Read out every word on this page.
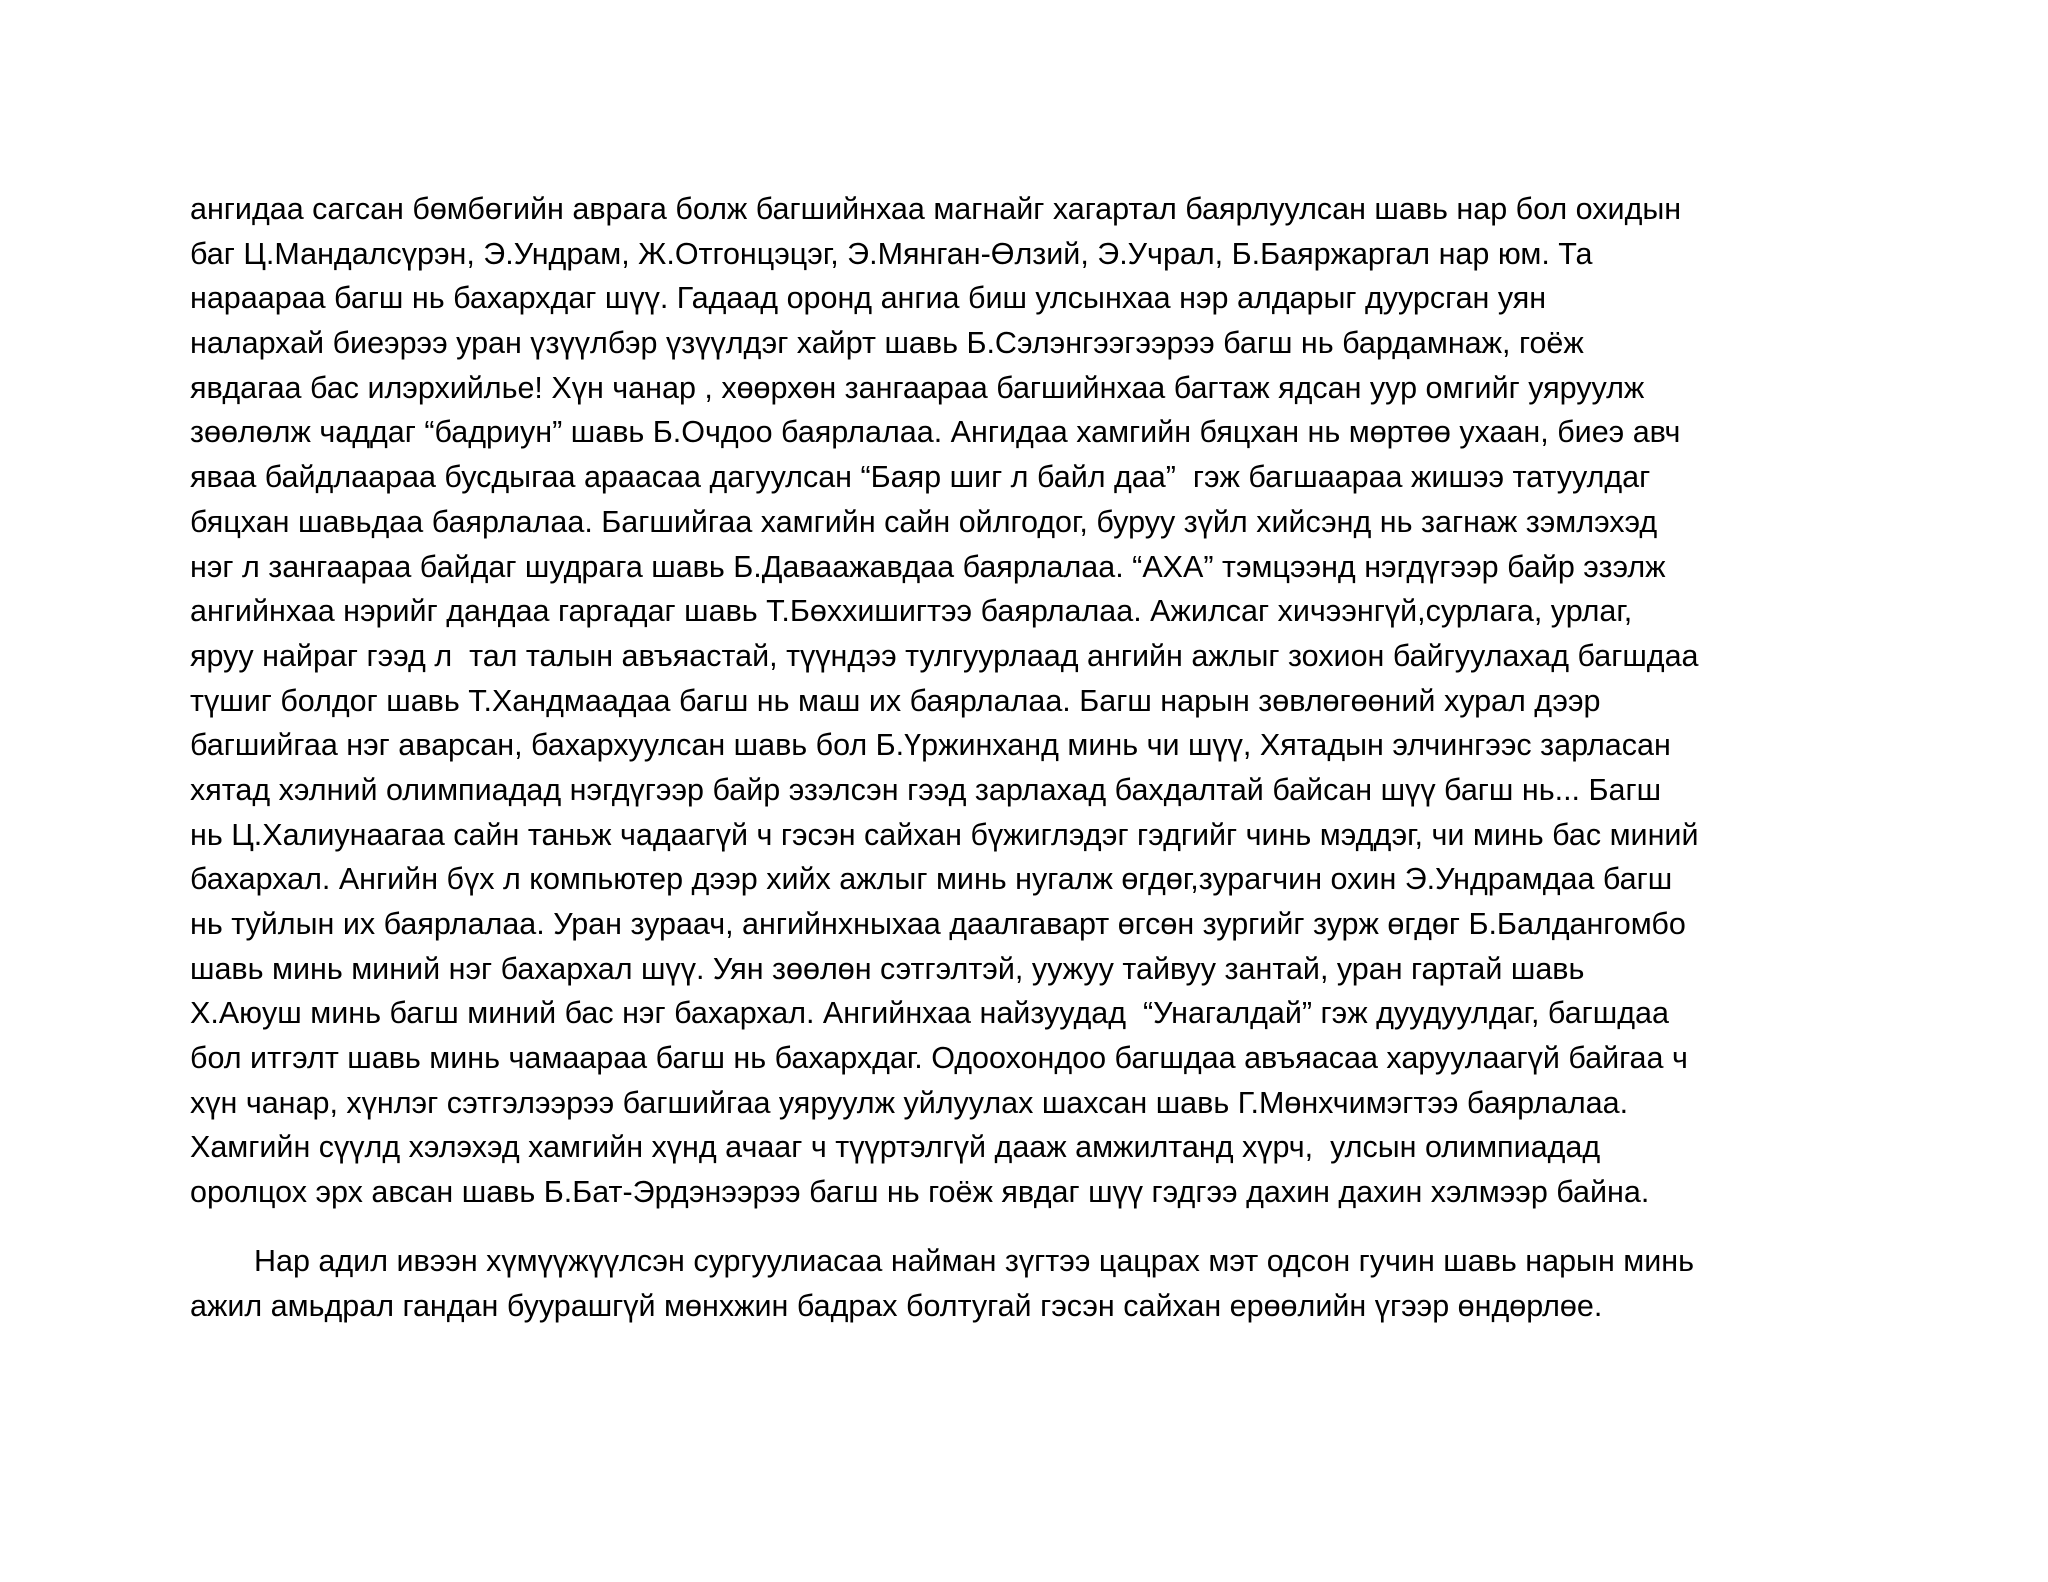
ангидаа сагсан бөмбөгийн аврага болж багшийнхаа магнайг хагартал баярлуулсан шавь нар бол охидын
баг Ц.Мандалсүрэн, Э.Ундрам, Ж.Отгонцэцэг, Э.Мянган-Өлзий, Э.Учрал, Б.Баяржаргал нар юм. Та
нараараа багш нь бахархдаг шүү. Гадаад оронд ангиа биш улсынхаа нэр алдарыг дуурсган уян
налархай биеэрээ уран үзүүлбэр үзүүлдэг хайрт шавь Б.Сэлэнгээгээрээ багш нь бардамнаж, гоёж
явдагаа бас илэрхийлье! Хүн чанар , хөөрхөн зангаараа багшийнхаа багтаж ядсан уур омгийг уяруулж
зөөлөлж чаддаг “бадриун” шавь Б.Очдоо баярлалаа. Ангидаа хамгийн бяцхан нь мөртөө ухаан, биеэ авч
яваа байдлаараа бусдыгаа араасаа дагуулсан “Баяр шиг л байл даа”  гэж багшаараа жишээ татуулдаг
бяцхан шавьдаа баярлалаа. Багшийгаа хамгийн сайн ойлгодог, буруу зүйл хийсэнд нь загнаж зэмлэхэд
нэг л зангаараа байдаг шудрага шавь Б.Даваажавдаа баярлалаа. “АХА” тэмцээнд нэгдүгээр байр эзэлж
ангийнхаа нэрийг дандаа гаргадаг шавь Т.Бөххишигтээ баярлалаа. Ажилсаг хичээнгүй,сурлага, урлаг,
яруу найраг гээд л  тал талын авъяастай, түүндээ тулгуурлаад ангийн ажлыг зохион байгуулахад багшдаа
түшиг болдог шавь Т.Хандмаадаа багш нь маш их баярлалаа. Багш нарын зөвлөгөөний хурал дээр
багшийгаа нэг аварсан, бахархуулсан шавь бол Б.Үржинханд минь чи шүү, Хятадын элчингээс зарласан
хятад хэлний олимпиадад нэгдүгээр байр эзэлсэн гээд зарлахад бахдалтай байсан шүү багш нь... Багш
нь Ц.Халиунаагаа сайн таньж чадаагүй ч гэсэн сайхан бүжиглэдэг гэдгийг чинь мэддэг, чи минь бас миний
бахархал. Ангийн бүх л компьютер дээр хийх ажлыг минь нугалж өгдөг,зурагчин охин Э.Ундрамдаа багш
нь туйлын их баярлалаа. Уран зураач, ангийнхныхаа даалгаварт өгсөн зургийг зурж өгдөг Б.Балдангомбо
шавь минь миний нэг бахархал шүү. Уян зөөлөн сэтгэлтэй, уужуу тайвуу зантай, уран гартай шавь
Х.Аюуш минь багш миний бас нэг бахархал. Ангийнхаа найзуудад  “Унагалдай” гэж дуудуулдаг, багшдаа
бол итгэлт шавь минь чамаараа багш нь бахархдаг. Одоохондоо багшдаа авъяасаа харуулаагүй байгаа ч
хүн чанар, хүнлэг сэтгэлээрээ багшийгаа уяруулж уйлуулах шахсан шавь Г.Мөнхчимэгтээ баярлалаа.
Хамгийн сүүлд хэлэхэд хамгийн хүнд ачааг ч түүртэлгүй дааж амжилтанд хүрч,  улсын олимпиадад
оролцох эрх авсан шавь Б.Бат-Эрдэнээрээ багш нь гоёж явдаг шүү гэдгээ дахин дахин хэлмээр байна.
Нар адил ивээн хүмүүжүүлсэн сургуулиасаа найман зүгтээ цацрах мэт одсон гучин шавь нарын минь
ажил амьдрал гандан буурашгүй мөнхжин бадрах болтугай гэсэн сайхан ерөөлийн үгээр өндөрлөе.
